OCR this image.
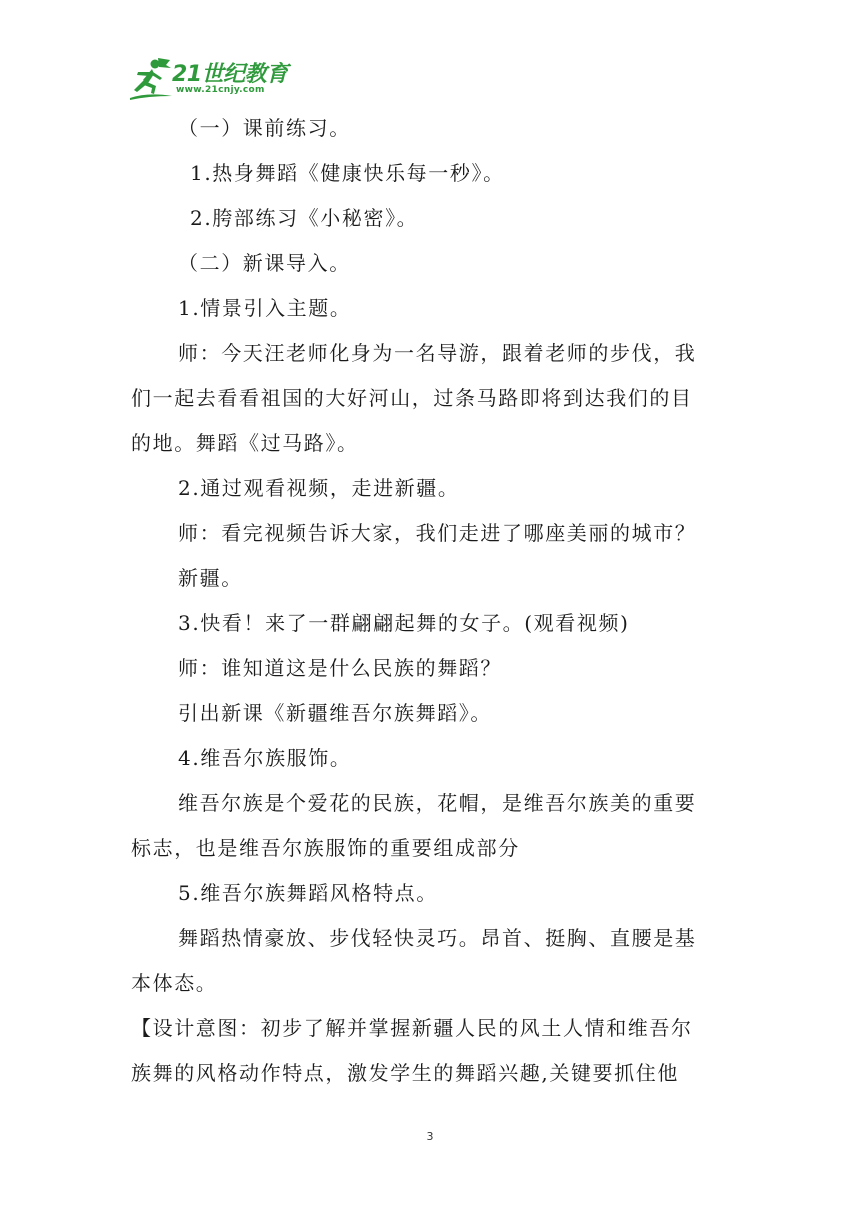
21世纪教育
www.21cnjy.com
（一）课前练习。
1.热身舞蹈《健康快乐每一秒》。
2.胯部练习《小秘密》。
（二）新课导入。
1.情景引入主题。
师：今天汪老师化身为一名导游，跟着老师的步伐，我
们一起去看看祖国的大好河山，过条马路即将到达我们的目
的地。舞蹈《过马路》。
2.通过观看视频，走进新疆。
师：看完视频告诉大家，我们走进了哪座美丽的城市？
新疆。
3.快看！来了一群翩翩起舞的女子。(观看视频)
师：谁知道这是什么民族的舞蹈？
引出新课《新疆维吾尔族舞蹈》。
4.维吾尔族服饰。
维吾尔族是个爱花的民族，花帽，是维吾尔族美的重要
标志，也是维吾尔族服饰的重要组成部分
5.维吾尔族舞蹈风格特点。
舞蹈热情豪放、步伐轻快灵巧。昂首、挺胸、直腰是基
本体态。
【设计意图：初步了解并掌握新疆人民的风土人情和维吾尔
族舞的风格动作特点，激发学生的舞蹈兴趣,关键要抓住他
3
